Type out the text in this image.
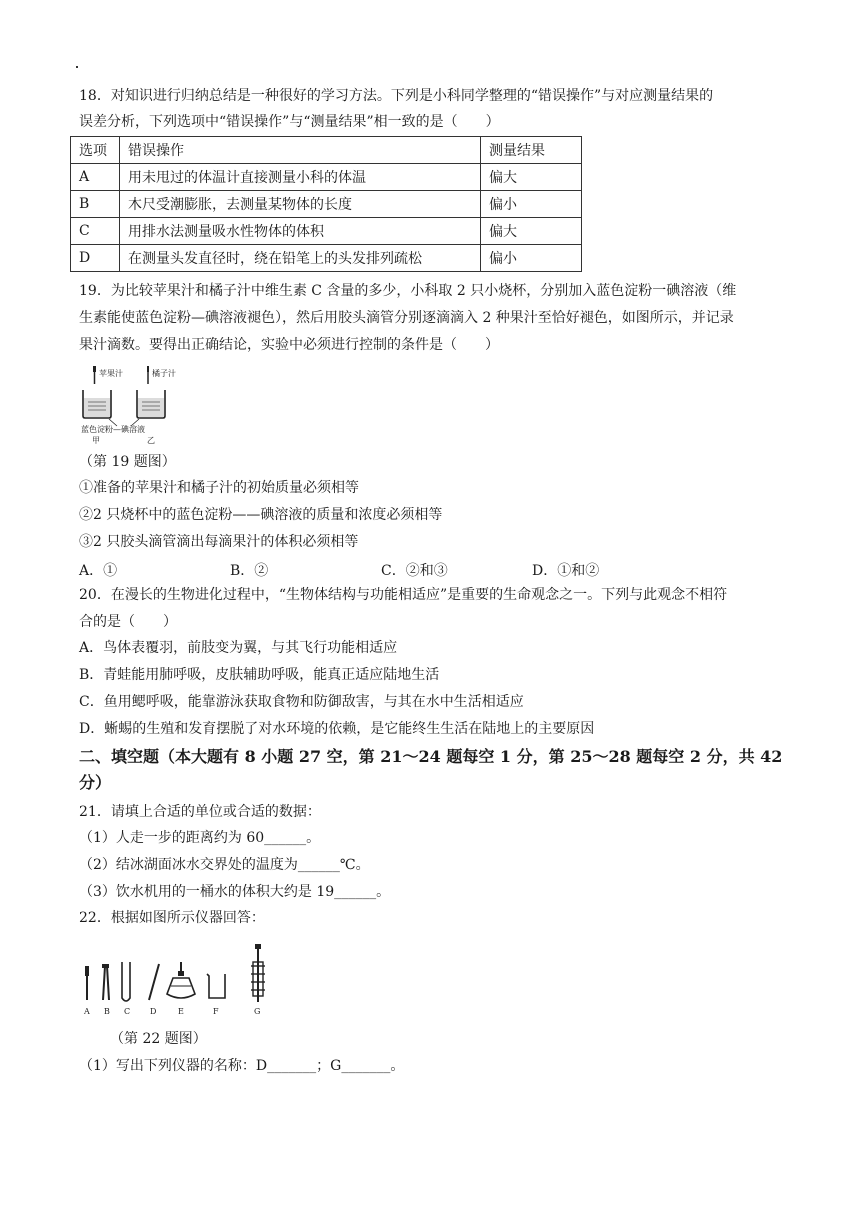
18．对知识进行归纳总结是一种很好的学习方法。下列是小科同学整理的“错误操作”与对应测量结果的
误差分析，下列选项中“错误操作”与“测量结果”相一致的是（　　）
选项	错误操作	测量结果
A	用未甩过的体温计直接测量小科的体温	偏大
B	木尺受潮膨胀，去测量某物体的长度	偏小
C	用排水法测量吸水性物体的体积	偏大
D	在测量头发直径时，绕在铅笔上的头发排列疏松	偏小
19．为比较苹果汁和橘子汁中维生素 C 含量的多少，小科取 2 只小烧杯，分别加入蓝色淀粉一碘溶液（维
生素能使蓝色淀粉—碘溶液褪色），然后用胶头滴管分别逐滴滴入 2 种果汁至恰好褪色，如图所示，并记录
果汁滴数。要得出正确结论，实验中必须进行控制的条件是（　　）
苹果汁	橘子汁
蓝色淀粉—碘溶液
甲	乙
（第 19 题图）
①准备的苹果汁和橘子汁的初始质量必须相等
②2 只烧杯中的蓝色淀粉——碘溶液的质量和浓度必须相等
③2 只胶头滴管滴出每滴果汁的体积必须相等
A．①	B．②	C．②和③	D．①和②
20．在漫长的生物进化过程中，“生物体结构与功能相适应”是重要的生命观念之一。下列与此观念不相符
合的是（　　）
A．鸟体表覆羽，前肢变为翼，与其飞行功能相适应
B．青蛙能用肺呼吸，皮肤辅助呼吸，能真正适应陆地生活
C．鱼用鳃呼吸，能靠游泳获取食物和防御敌害，与其在水中生活相适应
D．蜥蜴的生殖和发育摆脱了对水环境的依赖，是它能终生生活在陆地上的主要原因
二、填空题（本大题有 8 小题 27 空，第 21～24 题每空 1 分，第 25～28 题每空 2 分，共 42
分）
21．请填上合适的单位或合适的数据：
（1）人走一步的距离约为 60______。
（2）结冰湖面冰水交界处的温度为______℃。
（3）饮水机用的一桶水的体积大约是 19______。
22．根据如图所示仪器回答：
A B C D	E	F	G
（第 22 题图）
（1）写出下列仪器的名称：D_______；G_______。
